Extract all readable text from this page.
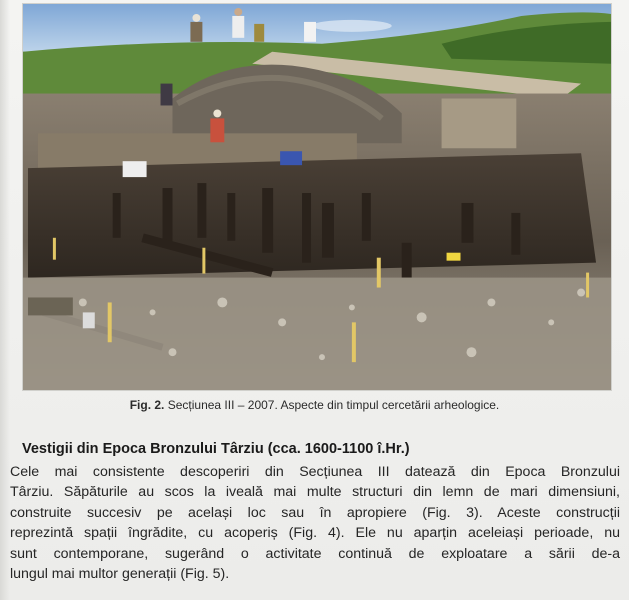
Fig. 2. Secțiunea III – 2007. Aspecte din timpul cercetării arheologice.
Vestigii din Epoca Bronzului Târziu (cca. 1600-1100 î.Hr.)
Cele mai consistente descoperiri din Secțiunea III datează din Epoca Bronzului
Târziu. Săpăturile au scos la iveală mai multe structuri din lemn de mari dimensiuni,
construite succesiv pe același loc sau în apropiere (Fig. 3). Aceste construcții
reprezintă spații îngrădite, cu acoperiș (Fig. 4). Ele nu aparțin aceleiași perioade, nu
sunt contemporane, sugerând o activitate continuă de exploatare a sării de-a
lungul mai multor generații (Fig. 5).
